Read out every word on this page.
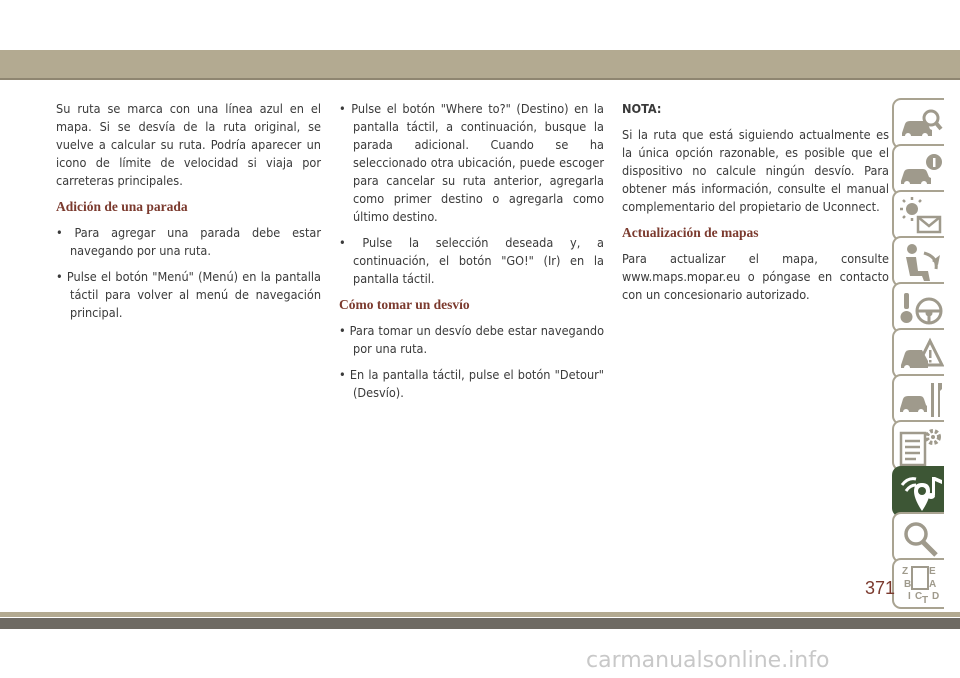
Su ruta se marca con una línea azul en el mapa. Si se desvía de la ruta original, se vuelve a calcular su ruta. Podría aparecer un icono de límite de velocidad si viaja por carreteras principales.

Adición de una parada

• Para agregar una parada debe estar navegando por una ruta.

• Pulse el botón "Menú" (Menú) en la pantalla táctil para volver al menú de navegación principal.

• Pulse el botón "Where to?" (Destino) en la pantalla táctil, a continuación, busque la parada adicional. Cuando se ha seleccionado otra ubicación, puede escoger para cancelar su ruta anterior, agregarla como primer destino o agregarla como último destino.

• Pulse la selección deseada y, a continuación, el botón "GO!" (Ir) en la pantalla táctil.

Cómo tomar un desvío

• Para tomar un desvío debe estar navegando por una ruta.

• En la pantalla táctil, pulse el botón "Detour" (Desvío).

NOTA:

Si la ruta que está siguiendo actualmente es la única opción razonable, es posible que el dispositivo no calcule ningún desvío. Para obtener más información, consulte el manual complementario del propietario de Uconnect.

Actualización de mapas

Para actualizar el mapa, consulte www.maps.mopar.eu o póngase en contacto con un concesionario autorizado.

Z E
B A
I C T D
371
carmanualsonline.info
